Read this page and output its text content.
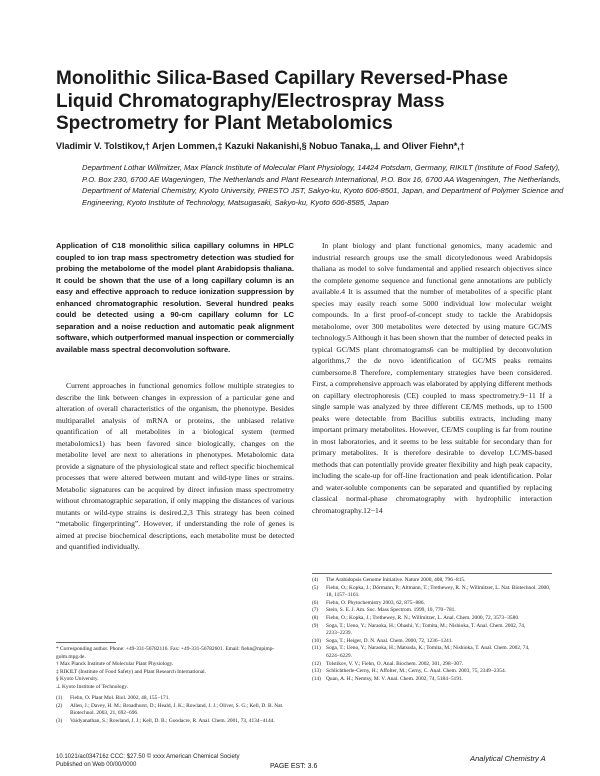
Monolithic Silica-Based Capillary Reversed-Phase Liquid Chromatography/Electrospray Mass Spectrometry for Plant Metabolomics
Vladimir V. Tolstikov,† Arjen Lommen,‡ Kazuki Nakanishi,§ Nobuo Tanaka,⊥ and Oliver Fiehn*,†

Department Lothar Willmitzer, Max Planck Institute of Molecular Plant Physiology, 14424 Potsdam, Germany, RIKILT (Institute of Food Safety), P.O. Box 230, 6700 AE Wageningen, The Netherlands and Plant Research International, P.O. Box 16, 6700 AA Wageningen, The Netherlands, Department of Material Chemistry, Kyoto University, PRESTO JST, Sakyo-ku, Kyoto 606-8501, Japan, and Department of Polymer Science and Engineering, Kyoto Institute of Technology, Matsugasaki, Sakyo-ku, Kyoto 606-8585, Japan

Application of C18 monolithic silica capillary columns in HPLC coupled to ion trap mass spectrometry detection was studied for probing the metabolome of the model plant Arabidopsis thaliana. It could be shown that the use of a long capillary column is an easy and effective approach to reduce ionization suppression by enhanced chromatographic resolution. Several hundred peaks could be detected using a 90-cm capillary column for LC separation and a noise reduction and automatic peak alignment software, which outperformed manual inspection or commercially available mass spectral deconvolution software.

Current approaches in functional genomics follow multiple strategies to describe the link between changes in expression of a particular gene and alteration of overall characteristics of the organism, the phenotype. Besides multiparallel analysis of mRNA or proteins, the unbiased relative quantification of all metabolites in a biological system (termed metabolomics1) has been favored since biologically, changes on the metabolite level are next to alterations in phenotypes. Metabolomic data provide a signature of the physiological state and reflect specific biochemical processes that were altered between mutant and wild-type lines or strains. Metabolic signatures can be acquired by direct infusion mass spectrometry without chromatographic separation, if only mapping the distances of various mutants or wild-type strains is desired.2,3 This strategy has been coined “metabolic fingerprinting”. However, if understanding the role of genes is aimed at precise biochemical descriptions, each metabolite must be detected and quantified individually.

In plant biology and plant functional genomics, many academic and industrial research groups use the small dicotyledonous weed Arabidopsis thaliana as model to solve fundamental and applied research objectives since the complete genome sequence and functional gene annotations are publicly available.4 It is assumed that the number of metabolites of a specific plant species may easily reach some 5000 individual low molecular weight compounds. In a first proof-of-concept study to tackle the Arabidopsis metabolome, over 300 metabolites were detected by using mature GC/MS technology.5 Although it has been shown that the number of detected peaks in typical GC/MS plant chromatograms6 can be multiplied by deconvolution algorithms,7 the de novo identification of GC/MS peaks remains cumbersome.8 Therefore, complementary strategies have been considered. First, a comprehensive approach was elaborated by applying different methods on capillary electrophoresis (CE) coupled to mass spectrometry.9−11 If a single sample was analyzed by three different CE/MS methods, up to 1500 peaks were detectable from Bacillus subtilis extracts, including many important primary metabolites. However, CE/MS coupling is far from routine in most laboratories, and it seems to be less suitable for secondary than for primary metabolites. It is therefore desirable to develop LC/MS-based methods that can potentially provide greater flexibility and high peak capacity, including the scale-up for off-line fractionation and peak identification. Polar and water-soluble components can be separated and quantified by replacing classical normal-phase chromatography with hydrophilic interaction chromatography.12−14

* Corresponding author. Phone: +49-331-56782116. Fax: +49-331-56782601. Email: fiehn@mpimp-golm.mpg.de.
† Max Planck Institute of Molecular Plant Physiology.
‡ RIKILT (Institute of Food Safety) and Plant Research International.
§ Kyoto University.
⊥ Kyoto Institute of Technology.
(1)	Fiehn, O. Plant Mol. Biol. 2002, 48, 155−171.
(2)	Allen, J.; Davey, H. M.; Broadhurst, D.; Heald, J. K.; Rowland, J. J.; Oliver, S. G.; Kell, D. B. Nat. Biotechnol. 2003, 21, 692−696.
(3)	Vaidyanathan, S.; Rowland, J. J.; Kell, D. B.; Goodacre, R. Anal. Chem. 2001, 73, 4134−4144.
(4)	The Arabidopsis Genome Initiative. Nature 2000, 408, 796−815.
(5)	Fiehn, O.; Kopka, J.; Dörmann, P.; Altmann, T.; Trethewey, R. N.; Willmitzer, L. Nat. Biotechnol. 2000, 18, 1157−1161.
(6)	Fiehn, O. Phytochemistry 2003, 62, 875−886.
(7)	Stein, S. E. J. Am. Soc. Mass Spectrom. 1999, 10, 770−781.
(8)	Fiehn, O.; Kopka, J.; Trethewey, R. N.; Willmitzer, L. Anal. Chem. 2000, 72, 3573−3580.
(9)	Soga, T.; Ueno, Y.; Naraoka, H.; Ohashi, Y.; Tomita, M.; Nishioka, T. Anal. Chem. 2002, 74, 2233−2239.
(10) Soga, T.; Heiger, D. N. Anal. Chem. 2000, 72, 1236−1241.
(11) Soga, T.; Ueno, Y.; Naraoka, H.; Matsuda, K.; Tomita, M.; Nishioka, T. Anal. Chem. 2002, 74, 6224−6229.
(12) Tolstikov, V. V.; Fiehn, O. Anal. Biochem. 2002, 301, 298−307.
(13) Schlichtherle-Cerny, H.; Affolter, M.; Cerny, C. Anal. Chem. 2003, 75, 2349−2354.
(14) Quan, A. H.; Nemtsy, M. V. Anal. Chem. 2002, 74, 5184−5191.
10.1021/ac034716z CCC: $27.50 © xxxx American Chemical Society
Published on Web 00/00/0000
Analytical Chemistry A
PAGE EST: 3.6
